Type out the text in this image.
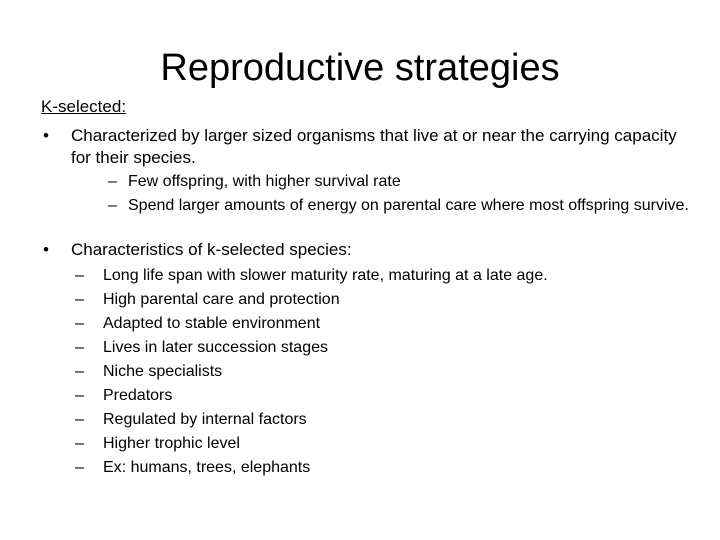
Reproductive strategies
K-selected:
• Characterized by larger sized organisms that live at or near the carrying capacity for their species.
– Few offspring, with higher survival rate
– Spend larger amounts of energy on parental care where most offspring survive.
• Characteristics of k-selected species:
– Long life span with slower maturity rate, maturing at a late age.
– High parental care and protection
– Adapted to stable environment
– Lives in later succession stages
– Niche specialists
– Predators
– Regulated by internal factors
– Higher trophic level
– Ex: humans, trees, elephants
